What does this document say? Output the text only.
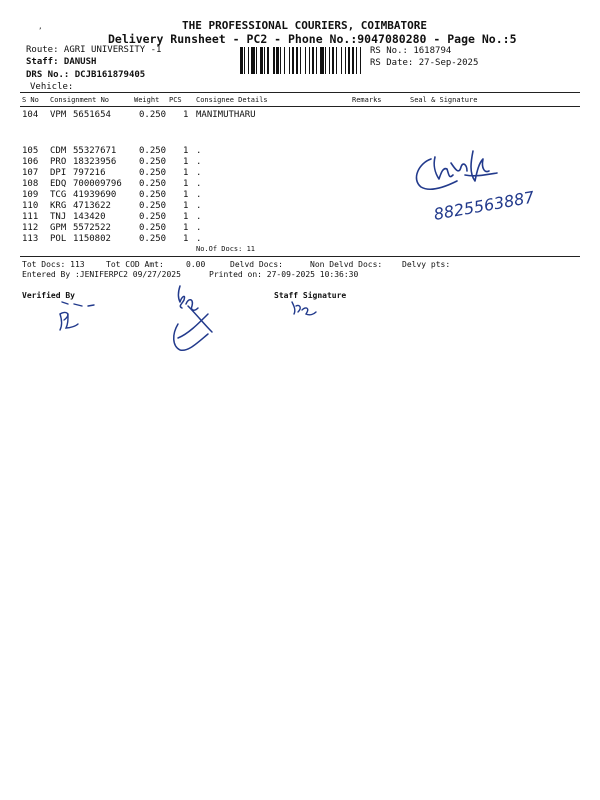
THE PROFESSIONAL COURIERS, COIMBATORE
Delivery Runsheet - PC2 - Phone No.:9047080280 - Page No.:5
’
Route: AGRI UNIVERSITY -1
Staff: DANUSH
DRS No.: DCJB161879405
Vehicle:
RS No.: 1618794
RS Date: 27-Sep-2025
S No Consignment No	Weight PCS Consignee Details	Remarks	Seal & Signature
104 VPM 5651654	0.250 1 MANIMUTHARU
105 CDM 55327671	0.250 1 .
106 PRO 18323956	0.250 1 .
107 DPI 797216	0.250 1 .
108 EDQ 700009796 0.250 1 .
109 TCG 41939690	0.250 1 .
110 KRG 4713622	0.250 1 .
111 TNJ 143420	0.250 1 .
112 GPM 5572522	0.250 1 .
113 POL 1150802	0.250 1 .
No.Of Docs: 11
Tot Docs: 113	Tot COD Amt:	0.00	Delvd Docs:	Non Delvd Docs: Delvy pts:
Entered By :JENIFERPC2 09/27/2025	Printed on: 27-09-2025 10:36:30
Verified By	Staff Signature
8825563887
